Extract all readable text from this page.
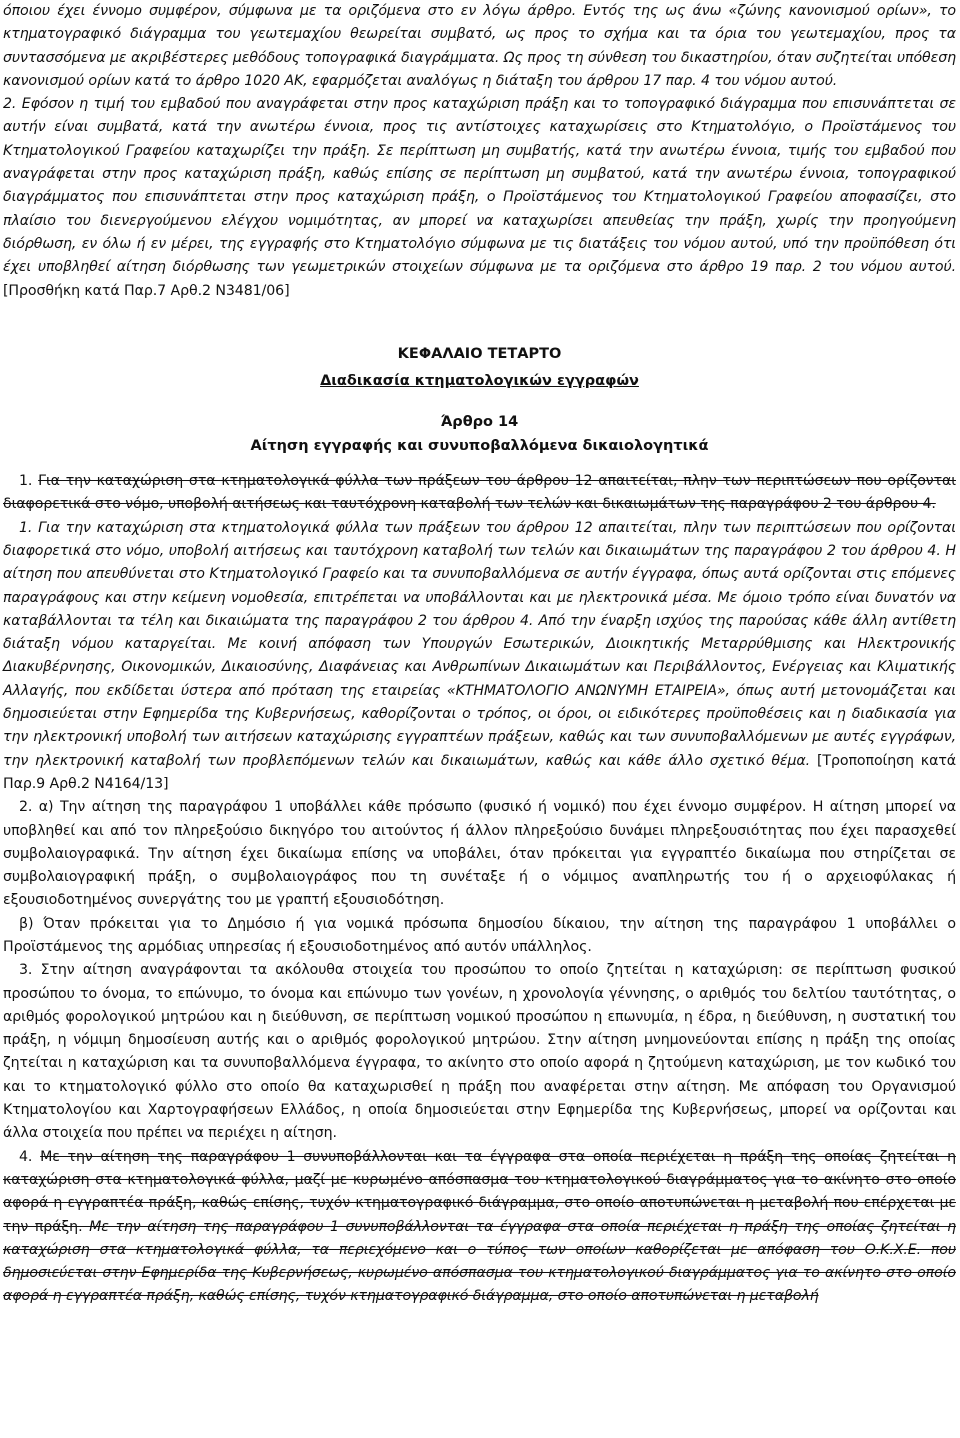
όποιου έχει έννομο συμφέρον, σύμφωνα με τα οριζόμενα στο εν λόγω άρθρο. Εντός της ως άνω «ζώνης κανονισμού ορίων», το κτηματογραφικό διάγραμμα του γεωτεμαχίου θεωρείται συμβατό, ως προς το σχήμα και τα όρια του γεωτεμαχίου, προς τα συντασσόμενα με ακριβέστερες μεθόδους τοπογραφικά διαγράμματα. Ως προς τη σύνθεση του δικαστηρίου, όταν συζητείται υπόθεση κανονισμού ορίων κατά το άρθρο 1020 ΑΚ, εφαρμόζεται αναλόγως η διάταξη του άρθρου 17 παρ. 4 του νόμου αυτού.

2. Εφόσον η τιμή του εμβαδού που αναγράφεται στην προς καταχώριση πράξη και το τοπογραφικό διάγραμμα που επισυνάπτεται σε αυτήν είναι συμβατά, κατά την ανωτέρω έννοια, προς τις αντίστοιχες καταχωρίσεις στο Κτηματολόγιο, ο Προϊστάμενος του Κτηματολογικού Γραφείου καταχωρίζει την πράξη. Σε περίπτωση μη συμβατής, κατά την ανωτέρω έννοια, τιμής του εμβαδού που αναγράφεται στην προς καταχώριση πράξη, καθώς επίσης σε περίπτωση μη συμβατού, κατά την ανωτέρω έννοια, τοπογραφικού διαγράμματος που επισυνάπτεται στην προς καταχώριση πράξη, ο Προϊστάμενος του Κτηματολογικού Γραφείου αποφασίζει, στο πλαίσιο του διενεργούμενου ελέγχου νομιμότητας, αν μπορεί να καταχωρίσει απευθείας την πράξη, χωρίς την προηγούμενη διόρθωση, εν όλω ή εν μέρει, της εγγραφής στο Κτηματολόγιο σύμφωνα με τις διατάξεις του νόμου αυτού, υπό την προϋπόθεση ότι έχει υποβληθεί αίτηση διόρθωσης των γεωμετρικών στοιχείων σύμφωνα με τα οριζόμενα στο άρθρο 19 παρ. 2 του νόμου αυτού.[Προσθήκη κατά Παρ.7 Αρθ.2 Ν3481/06]

ΚΕΦΑΛΑΙΟ ΤΕΤΑΡΤΟ

Διαδικασία κτηματολογικών εγγραφών

Άρθρο 14

Αίτηση εγγραφής και συνυποβαλλόμενα δικαιολογητικά

1. Για την καταχώριση στα κτηματολογικά φύλλα των πράξεων του άρθρου 12 απαιτείται, πλην των περιπτώσεων που ορίζονται διαφορετικά στο νόμο, υποβολή αιτήσεως και ταυτόχρονη καταβολή των τελών και δικαιωμάτων της παραγράφου 2 του άρθρου 4.

1. Για την καταχώριση στα κτηματολογικά φύλλα των πράξεων του άρθρου 12 απαιτείται, πλην των περιπτώσεων που ορίζονται διαφορετικά στο νόμο, υποβολή αιτήσεως και ταυτόχρονη καταβολή των τελών και δικαιωμάτων της παραγράφου 2 του άρθρου 4. Η αίτηση που απευθύνεται στο Κτηματολογικό Γραφείο και τα συνυποβαλλόμενα σε αυτήν έγγραφα, όπως αυτά ορίζονται στις επόμενες παραγράφους και στην κείμενη νομοθεσία, επιτρέπεται να υποβάλλονται και με ηλεκτρονικά μέσα. Με όμοιο τρόπο είναι δυνατόν να καταβάλλονται τα τέλη και δικαιώματα της παραγράφου 2 του άρθρου 4. Από την έναρξη ισχύος της παρούσας κάθε άλλη αντίθετη διάταξη νόμου καταργείται. Με κοινή απόφαση των Υπουργών Εσωτερικών, Διοικητικής Μεταρρύθμισης και Ηλεκτρονικής Διακυβέρνησης, Οικονομικών, Δικαιοσύνης, Διαφάνειας και Ανθρωπίνων Δικαιωμάτων και Περιβάλλοντος, Ενέργειας και Κλιματικής Αλλαγής, που εκδίδεται ύστερα από πρόταση της εταιρείας «ΚΤΗΜΑΤΟΛΟΓΙΟ ΑΝΩΝΥΜΗ ΕΤΑΙΡΕΙΑ», όπως αυτή μετονομάζεται και δημοσιεύεται στην Εφημερίδα της Κυβερνήσεως, καθορίζονται ο τρόπος, οι όροι, οι ειδικότερες προϋποθέσεις και η διαδικασία για την ηλεκτρονική υποβολή των αιτήσεων καταχώρισης εγγραπτέων πράξεων, καθώς και των συνυποβαλλόμενων με αυτές εγγράφων, την ηλεκτρονική καταβολή των προβλεπόμενων τελών και δικαιωμάτων, καθώς και κάθε άλλο σχετικό θέμα. [Τροποποίηση κατά Παρ.9 Αρθ.2 Ν4164/13]

2. α) Την αίτηση της παραγράφου 1 υποβάλλει κάθε πρόσωπο (φυσικό ή νομικό) που έχει έννομο συμφέρον. Η αίτηση μπορεί να υποβληθεί και από τον πληρεξούσιο δικηγόρο του αιτούντος ή άλλον πληρεξούσιο δυνάμει πληρεξουσιότητας που έχει παρασχεθεί συμβολαιογραφικά. Την αίτηση έχει δικαίωμα επίσης να υποβάλει, όταν πρόκειται για εγγραπτέο δικαίωμα που στηρίζεται σε συμβολαιογραφική πράξη, ο συμβολαιογράφος που τη συνέταξε ή ο νόμιμος αναπληρωτής του ή ο αρχειοφύλακας ή εξουσιοδοτημένος συνεργάτης του με γραπτή εξουσιοδότηση.

β) Όταν πρόκειται για το Δημόσιο ή για νομικά πρόσωπα δημοσίου δίκαιου, την αίτηση της παραγράφου 1 υποβάλλει ο Προϊστάμενος της αρμόδιας υπηρεσίας ή εξουσιοδοτημένος από αυτόν υπάλληλος.

3. Στην αίτηση αναγράφονται τα ακόλουθα στοιχεία του προσώπου το οποίο ζητείται η καταχώριση: σε περίπτωση φυσικού προσώπου το όνομα, το επώνυμο, το όνομα και επώνυμο των γονέων, η χρονολογία γέννησης, ο αριθμός του δελτίου ταυτότητας, ο αριθμός φορολογικού μητρώου και η διεύθυνση, σε περίπτωση νομικού προσώπου η επωνυμία, η έδρα, η διεύθυνση, η συστατική του πράξη, η νόμιμη δημοσίευση αυτής και ο αριθμός φορολογικού μητρώου. Στην αίτηση μνημονεύονται επίσης η πράξη της οποίας ζητείται η καταχώριση και τα συνυποβαλλόμενα έγγραφα, το ακίνητο στο οποίο αφορά η ζητούμενη καταχώριση, με τον κωδικό του και το κτηματολογικό φύλλο στο οποίο θα καταχωρισθεί η πράξη που αναφέρεται στην αίτηση. Με απόφαση του Οργανισμού Κτηματολογίου και Χαρτογραφήσεων Ελλάδος, η οποία δημοσιεύεται στην Εφημερίδα της Κυβερνήσεως, μπορεί να ορίζονται και άλλα στοιχεία που πρέπει να περιέχει η αίτηση.

4. Με την αίτηση της παραγράφου 1 συνυποβάλλονται και τα έγγραφα στα οποία περιέχεται η πράξη της οποίας ζητείται η καταχώριση στα κτηματολογικά φύλλα, μαζί με κυρωμένο απόσπασμα του κτηματολογικού διαγράμματος για το ακίνητο στο οποίο αφορά η εγγραπτέα πράξη, καθώς επίσης, τυχόν κτηματογραφικό διάγραμμα, στο οποίο αποτυπώνεται η μεταβολή που επέρχεται με την πράξη. Με την αίτηση της παραγράφου 1 συνυποβάλλονται τα έγγραφα στα οποία περιέχεται η πράξη της οποίας ζητείται η καταχώριση στα κτηματολογικά φύλλα, τα περιεχόμενο και ο τύπος των οποίων καθορίζεται με απόφαση του Ο.Κ.Χ.Ε. που δημοσιεύεται στην Εφημερίδα της Κυβερνήσεως, κυρωμένο απόσπασμα του κτηματολογικού διαγράμματος για το ακίνητο στο οποίο αφορά η εγγραπτέα πράξη, καθώς επίσης, τυχόν κτηματογραφικό διάγραμμα, στο οποίο αποτυπώνεται η μεταβολή
